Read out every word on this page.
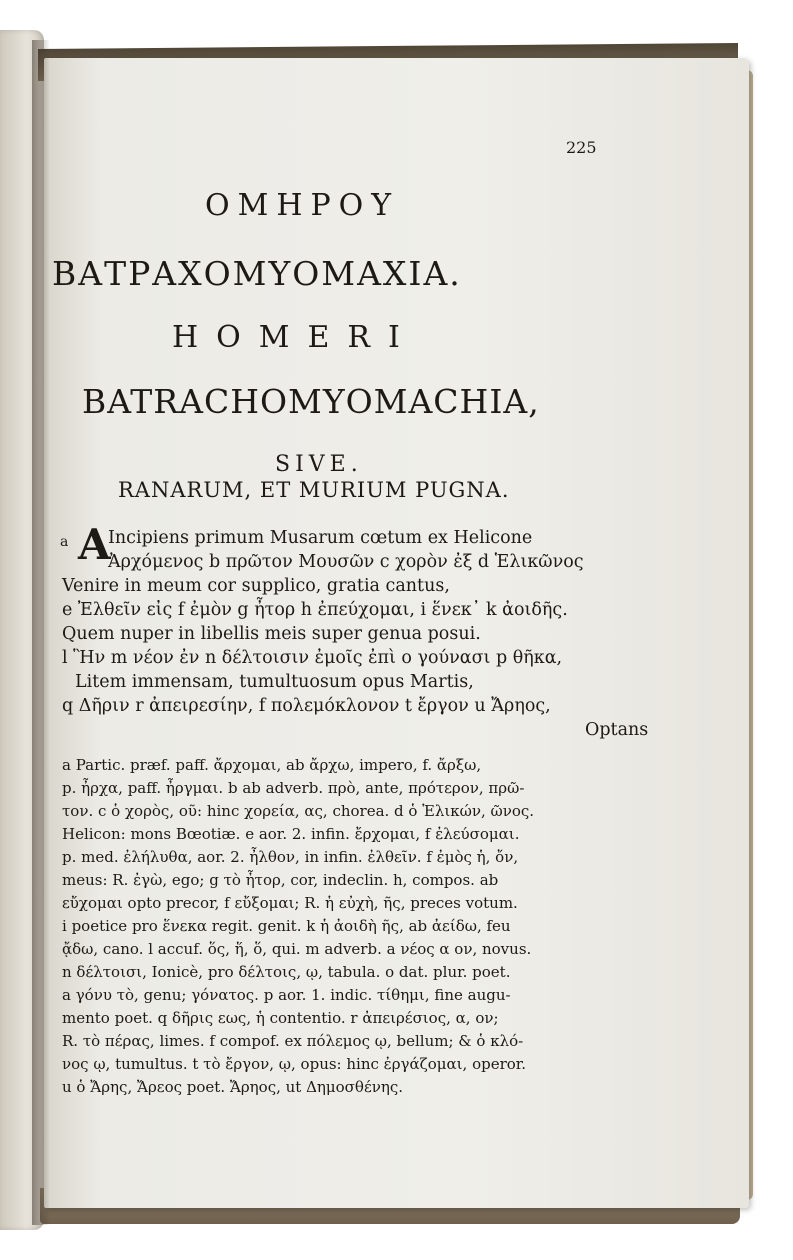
225
ΟΜΗΡΟΥ
ΒΑΤΡΑΧΟΜΥΟΜΑΧΙΑ.
HOMERI
BATRACHOMYOMACHIA,
SIVE.
RANARUM, ET MURIUM PUGNA.
a A
Incipiens primum Musarum cœtum ex Helicone
Ἀρχόμενος b πρῶτον Μουσῶν c χορὸν ἐξ d Ἑλικῶνος
Venire in meum cor supplico, gratia cantus,
e Ἐλθεῖν εἰς f ἐμὸν g ἦτορ h ἐπεύχομαι, i ἕνεκ᾽ k ἀοιδῆς.
Quem nuper in libellis meis super genua posui.
l Ἣν m νέον ἐν n δέλτοισιν ἐμοῖς ἐπὶ o γούνασι p θῆκα,
Litem immensam, tumultuosum opus Martis,
q Δῆριν r ἀπειρεσίην, f πολεμόκλονον t ἔργον u Ἄρηος,
Optans
a Partic. præf. paff. ἄρχομαι, ab ἄρχω, impero, f. ἄρξω,
p. ἦρχα, paff. ἦργμαι. b ab adverb. πρὸ, ante, πρότερον, πρῶ-
τον. c ὁ χορὸς, οῦ: hinc χορεία, ας, chorea. d ὁ Ἑλικών, ῶνος.
Helicon: mons Bœotiæ. e aor. 2. infin. ἔρχομαι, f ἐλεύσομαι.
p. med. ἐλήλυθα, aor. 2. ἦλθον, in infin. ἐλθεῖν. f ἐμὸς ἡ, ὄν,
meus: R. ἐγὼ, ego; g τὸ ἦτορ, cor, indeclin. h, compos. ab
εὔχομαι opto precor, f εὔξομαι; R. ἡ εὐχὴ, ῆς, preces votum.
i poetice pro ἕνεκα regit. genit. k ἡ ἀοιδὴ ῆς, ab ἀείδω, feu
ᾄδω, cano. l accuf. ὅς, ἥ, ὅ, qui. m adverb. a νέος α ον, novus.
n δέλτοισι, Ionicè, pro δέλτοις, ῳ, tabula. o dat. plur. poet.
a γόνυ τὸ, genu; γόνατος. p aor. 1. indic. τίθημι, fine augu-
mento poet. q δῆρις εως, ἡ contentio. r ἀπειρέσιος, α, ον;
R. τὸ πέρας, limes. f compof. ex πόλεμος ῳ, bellum; & ὁ κλό-
νος ῳ, tumultus. t τὸ ἔργον, ῳ, opus: hinc ἐργάζομαι, operor.
u ὁ Ἄρης, Ἄρεος poet. Ἄρηος, ut Δημοσθένης.
